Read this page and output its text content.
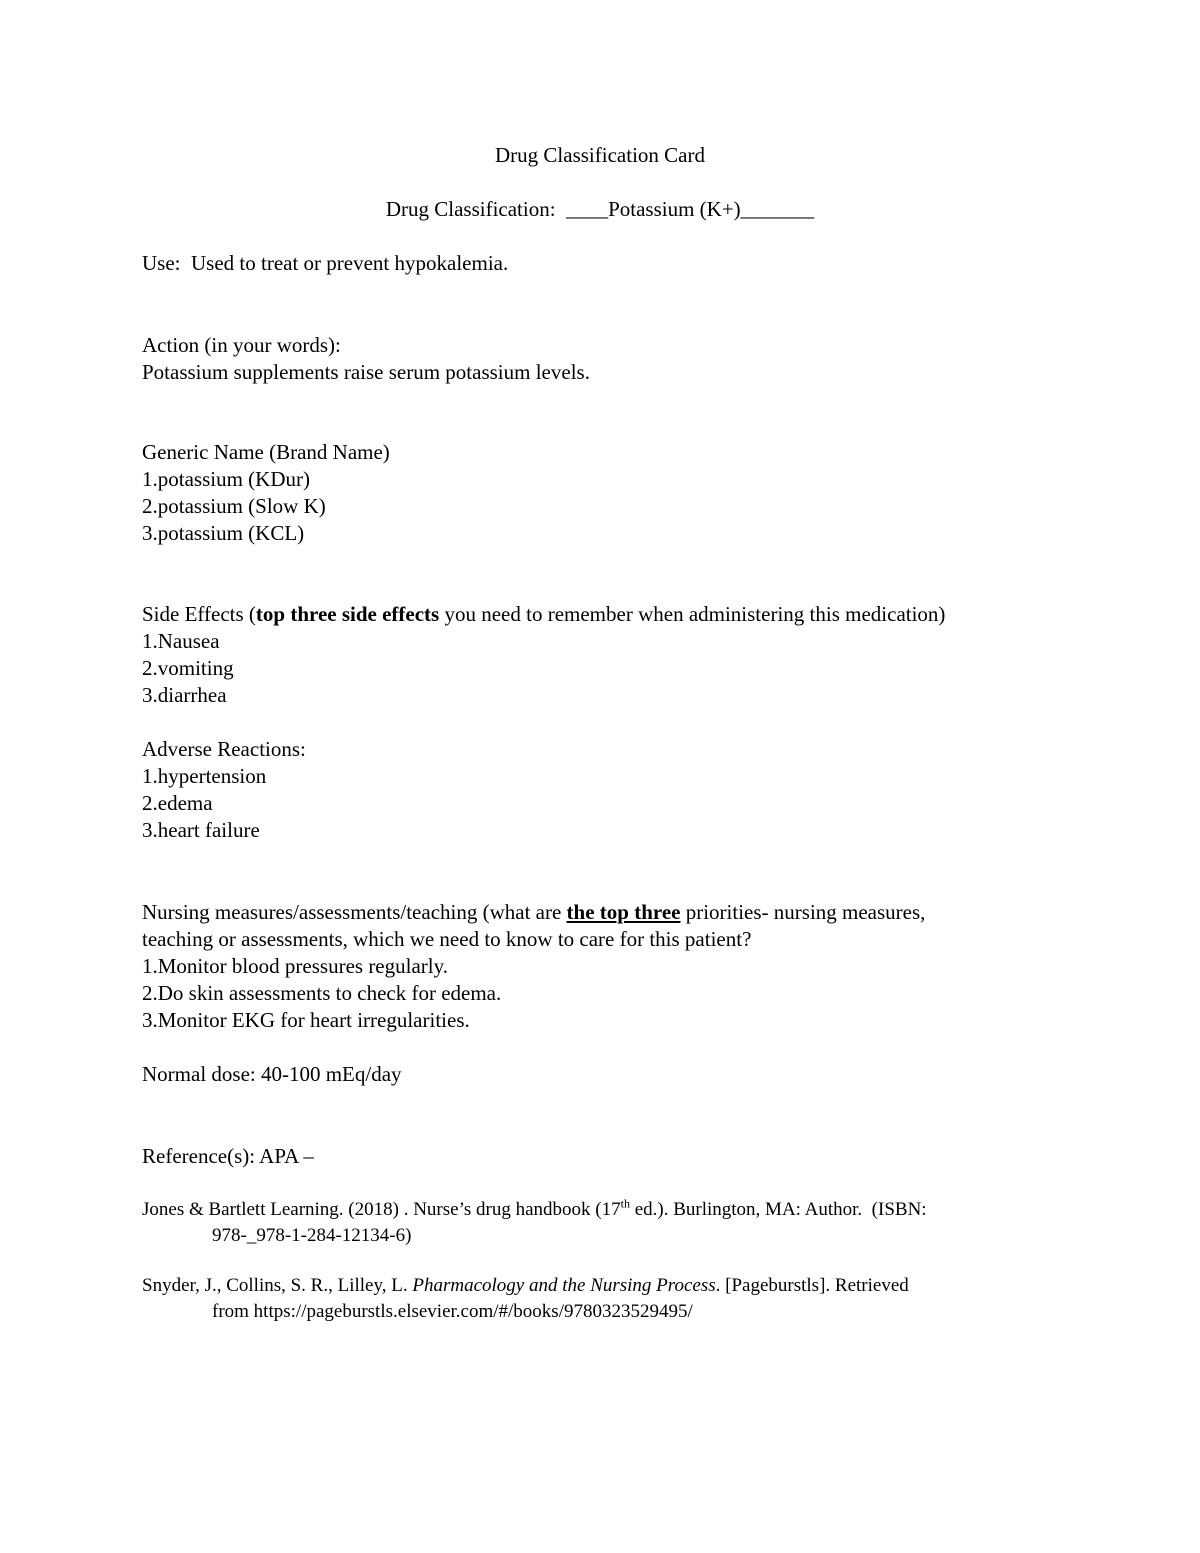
Drug Classification Card
Drug Classification: ____Potassium (K+)_______
Use: Used to treat or prevent hypokalemia.
Action (in your words):
Potassium supplements raise serum potassium levels.
Generic Name (Brand Name)
1.potassium (KDur)
2.potassium (Slow K)
3.potassium (KCL)
Side Effects (top three side effects you need to remember when administering this medication)
1.Nausea
2.vomiting
3.diarrhea
Adverse Reactions:
1.hypertension
2.edema
3.heart failure
Nursing measures/assessments/teaching (what are the top three priorities- nursing measures,
teaching or assessments, which we need to know to care for this patient?
1.Monitor blood pressures regularly.
2.Do skin assessments to check for edema.
3.Monitor EKG for heart irregularities.
Normal dose: 40-100 mEq/day
Reference(s): APA –
Jones & Bartlett Learning. (2018) . Nurse’s drug handbook (17th ed.). Burlington, MA: Author.  (ISBN:
978-_978-1-284-12134-6)
Snyder, J., Collins, S. R., Lilley, L. Pharmacology and the Nursing Process. [Pageburstls]. Retrieved
from https://pageburstls.elsevier.com/#/books/9780323529495/
